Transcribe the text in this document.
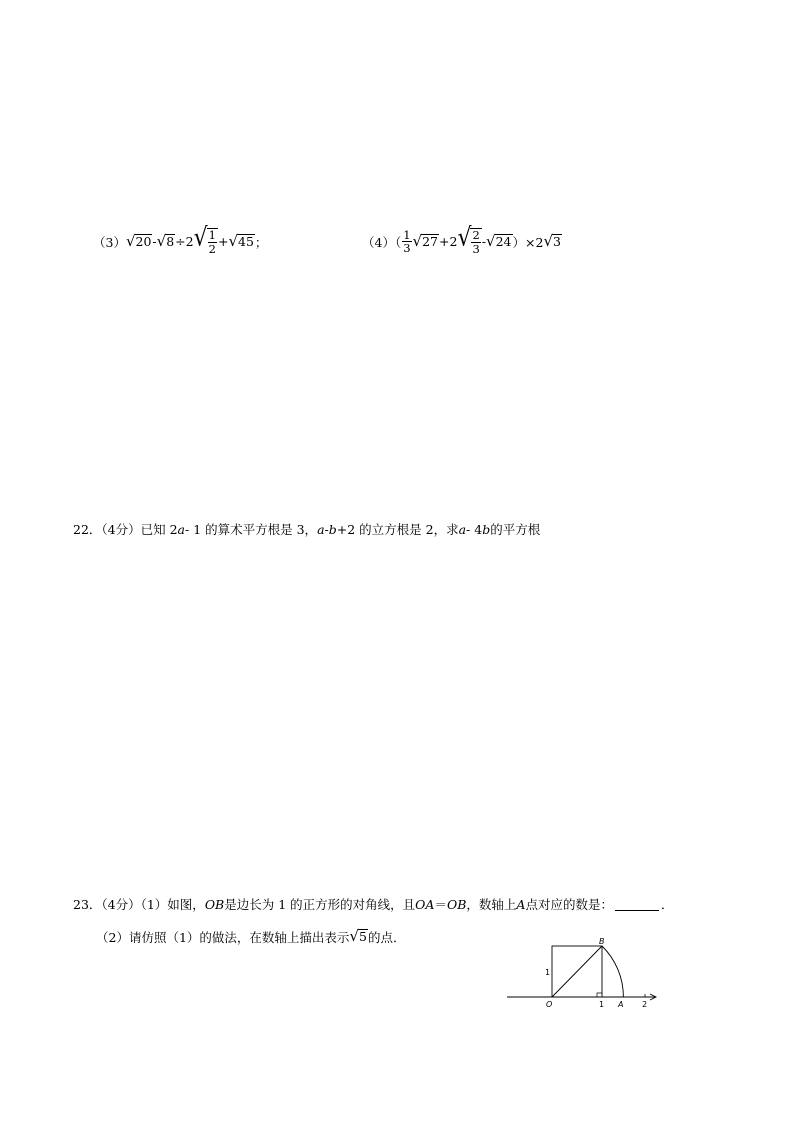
（3） √ 20 - √ 8 ÷2 √ $\frac{1}{2}$ + √ 45 ；	$(4)( \frac{1}{3}$ √ 27 +2 √ $\frac{2}{3}$ - √ 24 ）×2 √ 3
22．（4分）已知 2 a - 1 的算术平方根是 3， a - b +2 的立方根是 2，求 a - 4 b 的平方根
23．（4分）（1）如图， OB 是边长为 1 的正方形的对角线，且 OA ＝ OB ，数轴上 A 点对应的数是：	．
（2）请仿照（1）的做法，在数轴上描出表示 √ 5 的点．	B
1
O	1 A 2
